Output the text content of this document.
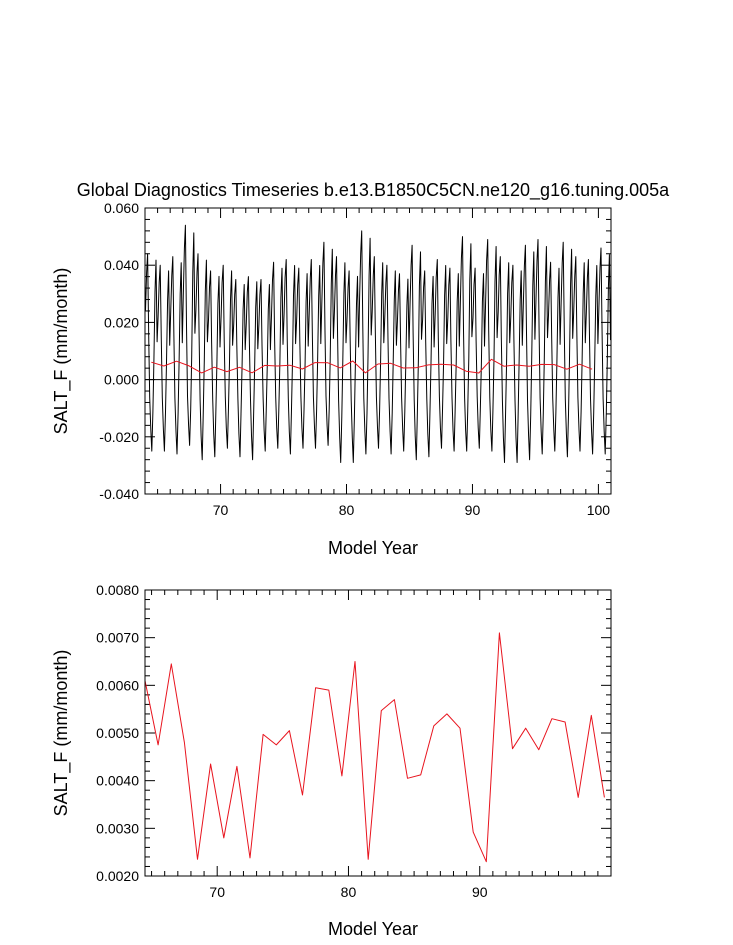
Global Diagnostics Timeseries b.e13.B1850C5CN.ne120_g16.tuning.005a
70	80	90	100
-0.040
-0.020
0.000
0.020
0.040
0.060
Model Year
SALT_F (mm/month)
70	80	90
0.0020
0.0030
0.0040
0.0050
0.0060
0.0070
0.0080
Model Year
SALT_F (mm/month)
